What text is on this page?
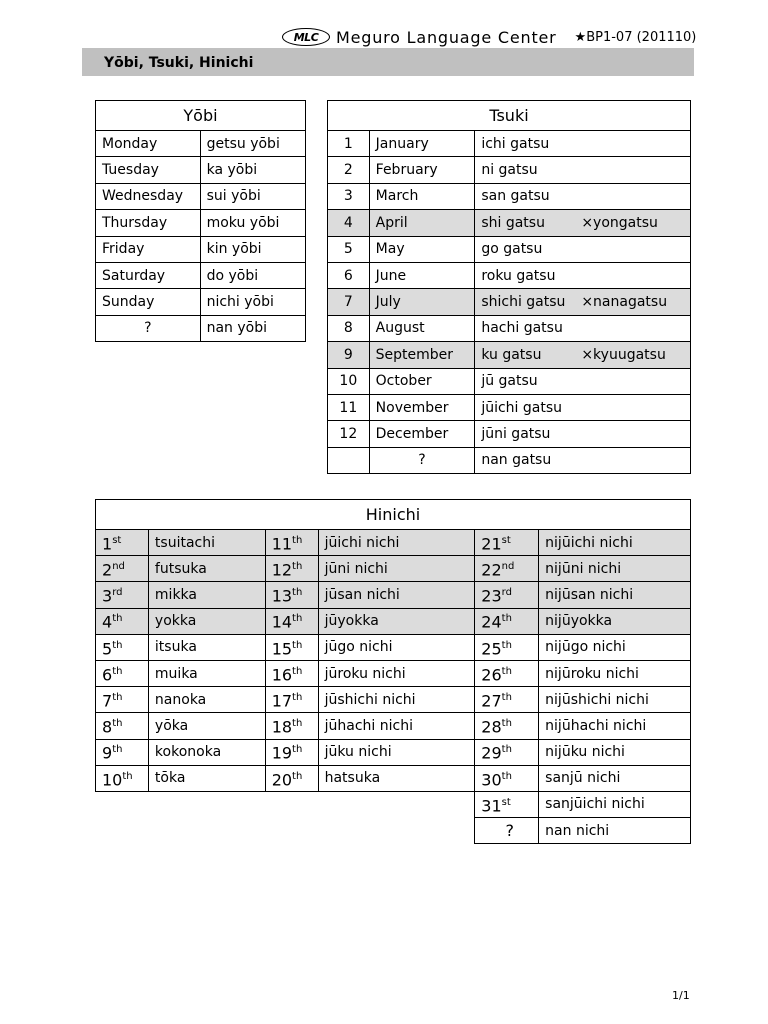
MLC	Meguro Language Center ★BP1-07 (201110)
Yōbi, Tsuki, Hinichi
Yōbi	
Monday	getsu yōbi
Tuesday	ka yōbi
Wednesday	sui yōbi
Thursday	moku yōbi
Friday	kin yōbi
Saturday	do yōbi
Sunday	nichi yōbi
?	nan yōbi
Tsuki		
1	January	ichi gatsu
2	February	ni gatsu
3	March	san gatsu
4	April	shi gatsu ×yongatsu
5	May	go gatsu
6	June	roku gatsu
7	July	shichi gatsu ×nanagatsu
8	August	hachi gatsu
9	September	ku gatsu ×kyuugatsu
10	October	jū gatsu
11	November	jūichi gatsu
12	December	jūni gatsu
	?	nan gatsu
Hinichi					
1st	tsuitachi	11th	jūichi nichi	21st	nijūichi nichi
2nd	futsuka	12th	jūni nichi	22nd	nijūni nichi
3rd	mikka	13th	jūsan nichi	23rd	nijūsan nichi
4th	yokka	14th	jūyokka	24th	nijūyokka
5th	itsuka	15th	jūgo nichi	25th	nijūgo nichi
6th	muika	16th	jūroku nichi	26th	nijūroku nichi
7th	nanoka	17th	jūshichi nichi	27th	nijūshichi nichi
8th	yōka	18th	jūhachi nichi	28th	nijūhachi nichi
9th	kokonoka	19th	jūku nichi	29th	nijūku nichi
10th	tōka	20th	hatsuka	30th	sanjū nichi
				31st	sanjūichi nichi
				?	nan nichi
1/1
